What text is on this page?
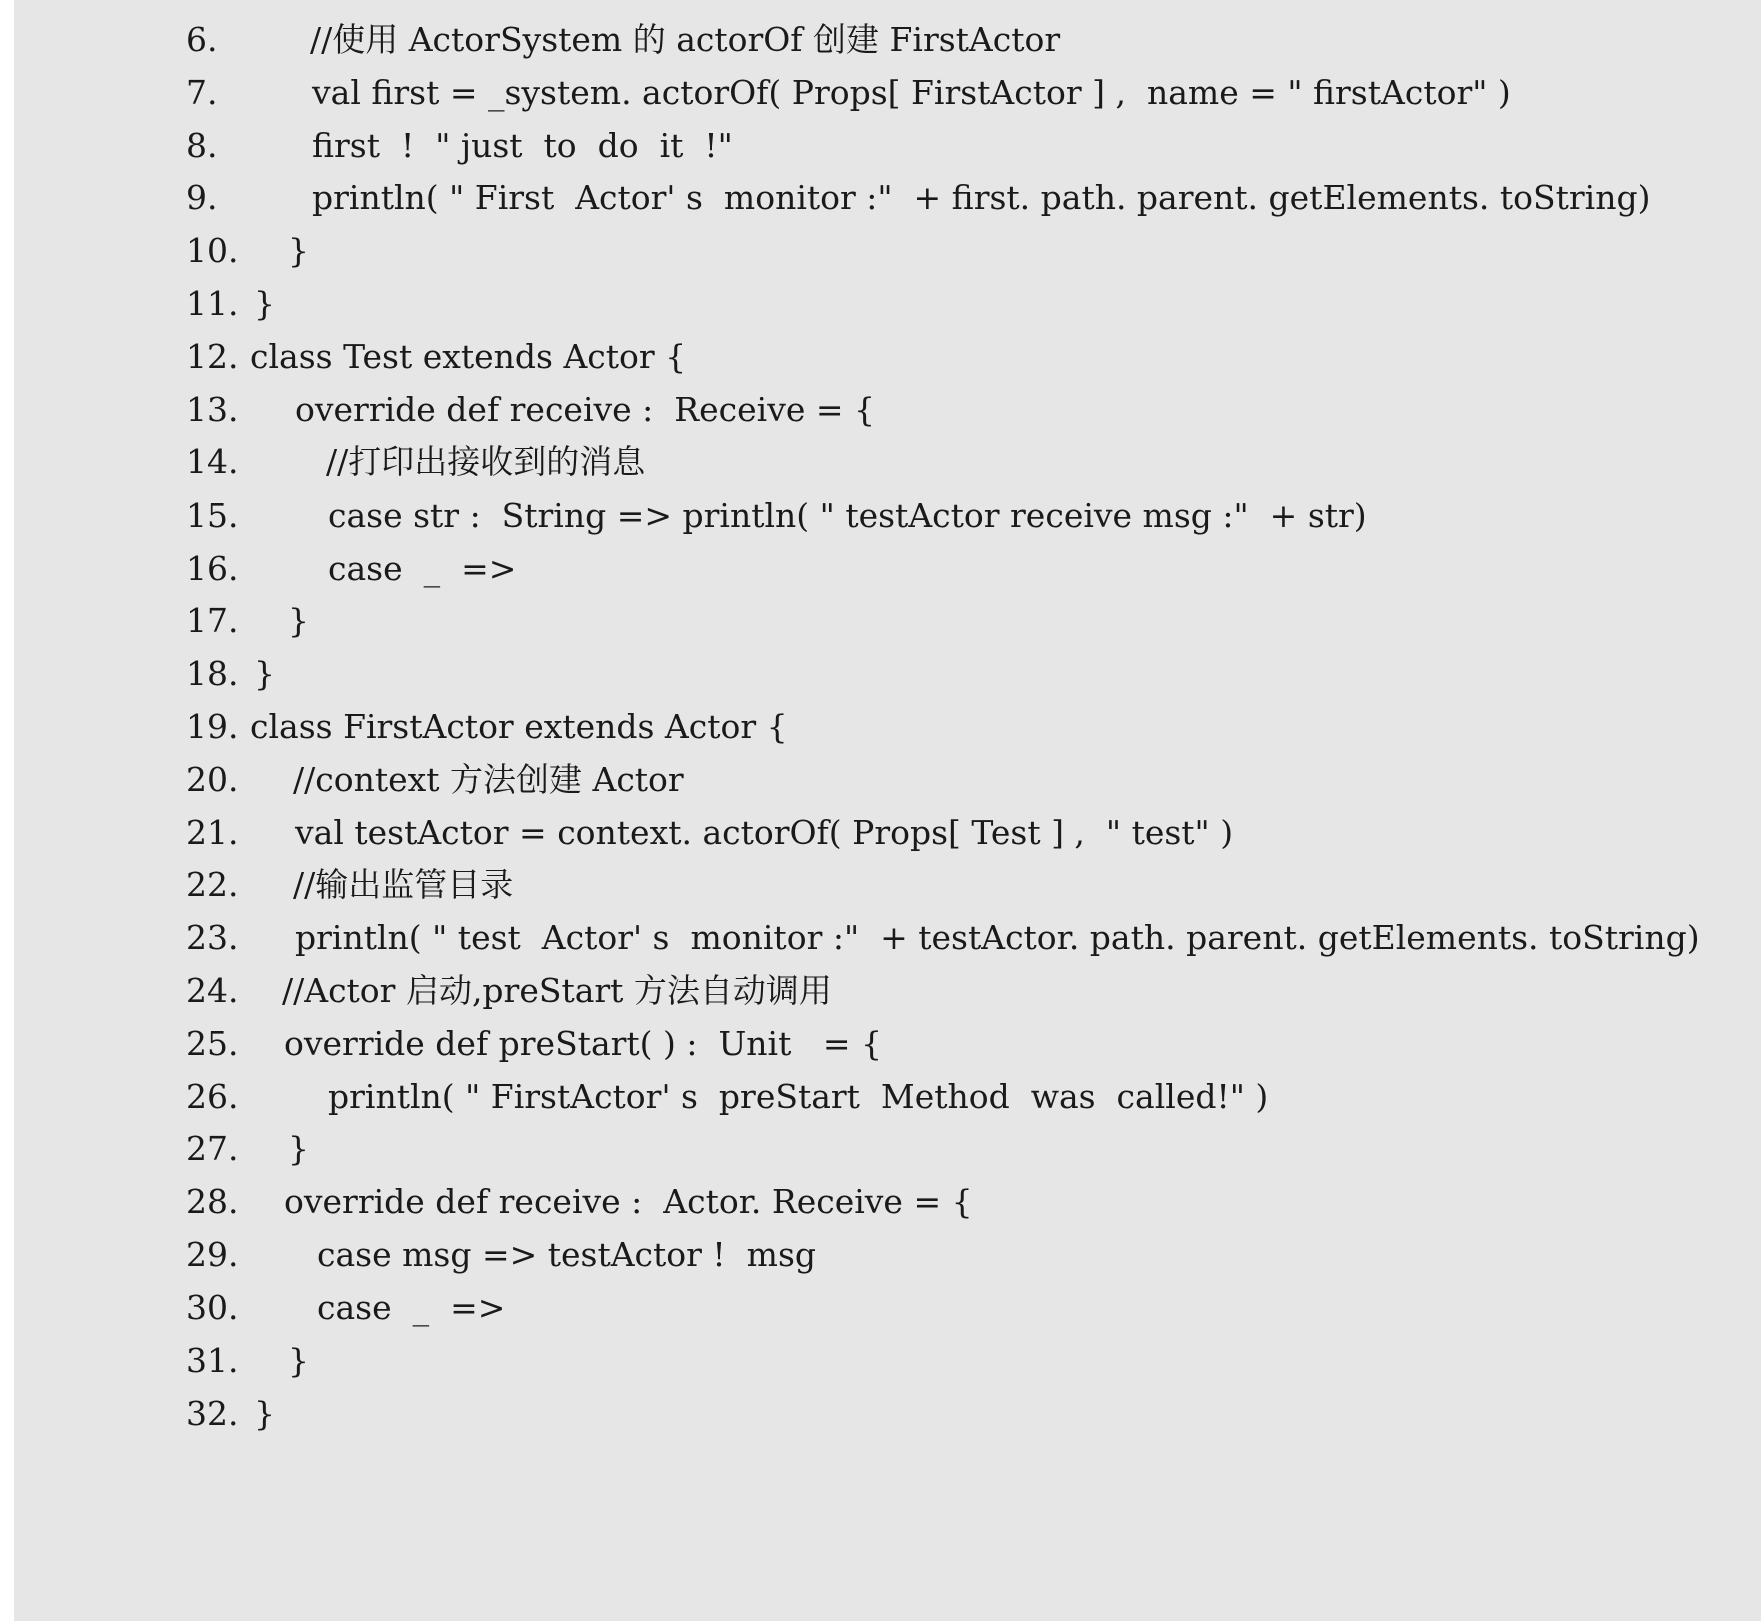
6.

	//使用 ActorSystem 的 actorOf 创建 FirstActor

7.

	val first = _system. actorOf( Props[ FirstActor ] ,  name = " firstActor" )

8.

	first  !  " just  to  do  it  !"

9.

	println( " First  Actor' s  monitor :"  + first. path. parent. getElements. toString)

10.

	}

11.

}

12.

class Test extends Actor {

13.

	override def receive :  Receive = {

14.

	//打印出接收到的消息

15.

	case str :  String => println( " testActor receive msg :"  + str)

16.

	case  _  =>

17.

	}

18.

}

19.

class FirstActor extends Actor {

20.

	//context 方法创建 Actor

21.

	val testActor = context. actorOf( Props[ Test ] ,  " test" )

22.

	//输出监管目录

23.

	println( " test  Actor' s  monitor :"  + testActor. path. parent. getElements. toString)

24.

	//Actor 启动,preStart 方法自动调用

25.

	override def preStart( ) :  Unit   = {

26.

	println( " FirstActor' s  preStart  Method  was  called!" )

27.

	}

28.

	override def receive :  Actor. Receive = {

29.

	case msg => testActor !  msg

30.

	case  _  =>

31.

	}

32.

}
